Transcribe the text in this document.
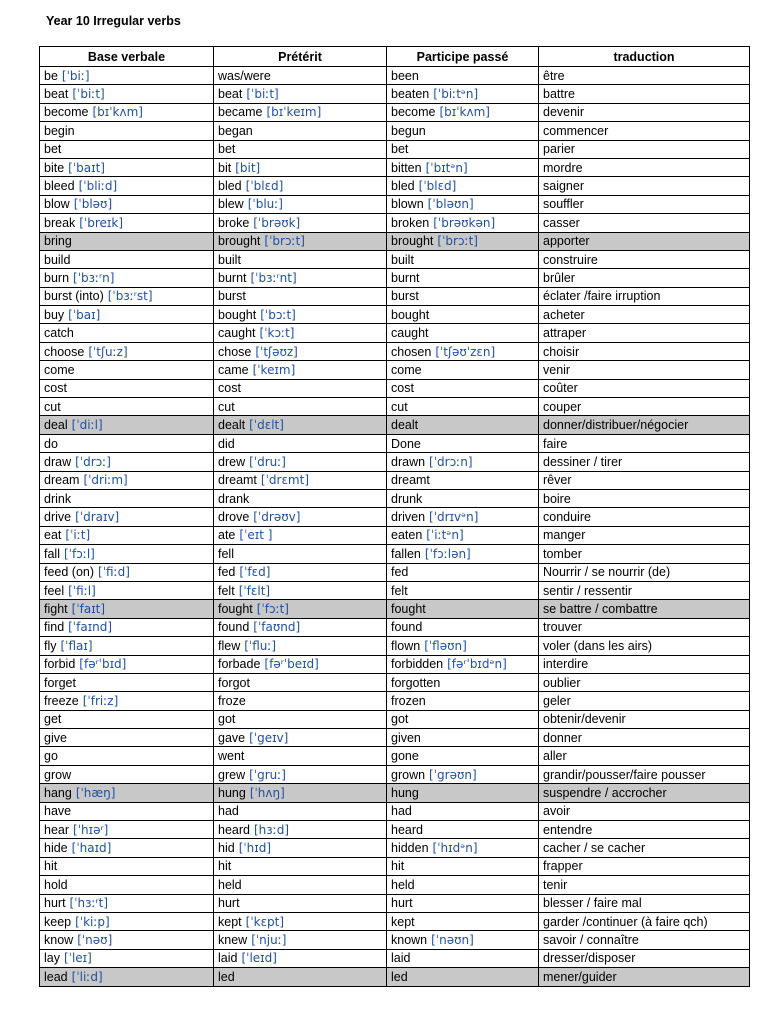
Year 10 Irregular verbs
Base verbale	Prétérit	Participe passé	traduction
be [ˈbiː]	was/were	been	être
beat [ˈbiːt]	beat [ˈbiːt]	beaten [ˈbiːtᵊn]	battre
become [bɪˈkʌm]	became [bɪˈkeɪm]	become [bɪˈkʌm]	devenir
begin	began	begun	commencer
bet	bet	bet	parier
bite [ˈbaɪt]	bit [bit]	bitten [ˈbɪtᵊn]	mordre
bleed [ˈbliːd]	bled [ˈblɛd]	bled [ˈblɛd]	saigner
blow [ˈbləʊ]	blew [ˈbluː]	blown [ˈbləʊn]	souffler
break [ˈbreɪk]	broke [ˈbrəʊk]	broken [ˈbrəʊkən]	casser
bring	brought [ˈbrɔːt]	brought [ˈbrɔːt]	apporter
build	built	built	construire
burn [ˈbɜːʳn]	burnt [ˈbɜːʳnt]	burnt	brûler
burst (into) [ˈbɜːʳst]	burst	burst	éclater /faire irruption
buy [ˈbaɪ]	bought [ˈbɔːt]	bought	acheter
catch	caught [ˈkɔːt]	caught	attraper
choose [ˈtʃuːz]	chose [ˈtʃəʊz]	chosen [ˈtʃəʊˈzɛn]	choisir
come	came [ˈkeɪm]	come	venir
cost	cost	cost	coûter
cut	cut	cut	couper
deal [ˈdiːl]	dealt [ˈdɛlt]	dealt	donner/distribuer/négocier
do	did	Done	faire
draw [ˈdrɔː]	drew [ˈdruː]	drawn [ˈdrɔːn]	dessiner / tirer
dream [ˈdriːm]	dreamt [ˈdrɛmt]	dreamt	rêver
drink	drank	drunk	boire
drive [ˈdraɪv]	drove [ˈdrəʊv]	driven [ˈdrɪvᵊn]	conduire
eat [ˈiːt]	ate [ˈeɪt ]	eaten [ˈiːtᵊn]	manger
fall [ˈfɔːl]	fell	fallen [ˈfɔːlən]	tomber
feed (on) [ˈfiːd]	fed [ˈfɛd]	fed	Nourrir / se nourrir (de)
feel [ˈfiːl]	felt [ˈfɛlt]	felt	sentir / ressentir
fight [ˈfaɪt]	fought [ˈfɔːt]	fought	se battre / combattre
find [ˈfaɪnd]	found [ˈfaʊnd]	found	trouver
fly [ˈflaɪ]	flew [ˈfluː]	flown [ˈfləʊn]	voler (dans les airs)
forbid [fəʳˈbɪd]	forbade [fəʳˈbeɪd]	forbidden [fəʳˈbɪdᵊn]	interdire
forget	forgot	forgotten	oublier
freeze [ˈfriːz]	froze	frozen	geler
get	got	got	obtenir/devenir
give	gave [ˈgeɪv]	given	donner
go	went	gone	aller
grow	grew [ˈgruː]	grown [ˈgrəʊn]	grandir/pousser/faire pousser
hang [ˈhæŋ]	hung [ˈhʌŋ]	hung	suspendre / accrocher
have	had	had	avoir
hear [ˈhɪəʳ]	heard [hɜːd]	heard	entendre
hide [ˈhaɪd]	hid [ˈhɪd]	hidden [ˈhɪdᵊn]	cacher / se cacher
hit	hit	hit	frapper
hold	held	held	tenir
hurt [ˈhɜːʳt]	hurt	hurt	blesser / faire mal
keep [ˈkiːp]	kept [ˈkɛpt]	kept	garder /continuer (à faire qch)
know [ˈnəʊ]	knew [ˈnjuː]	known [ˈnəʊn]	savoir / connaître
lay [ˈleɪ]	laid [ˈleɪd]	laid	dresser/disposer
lead [ˈliːd]	led	led	mener/guider
